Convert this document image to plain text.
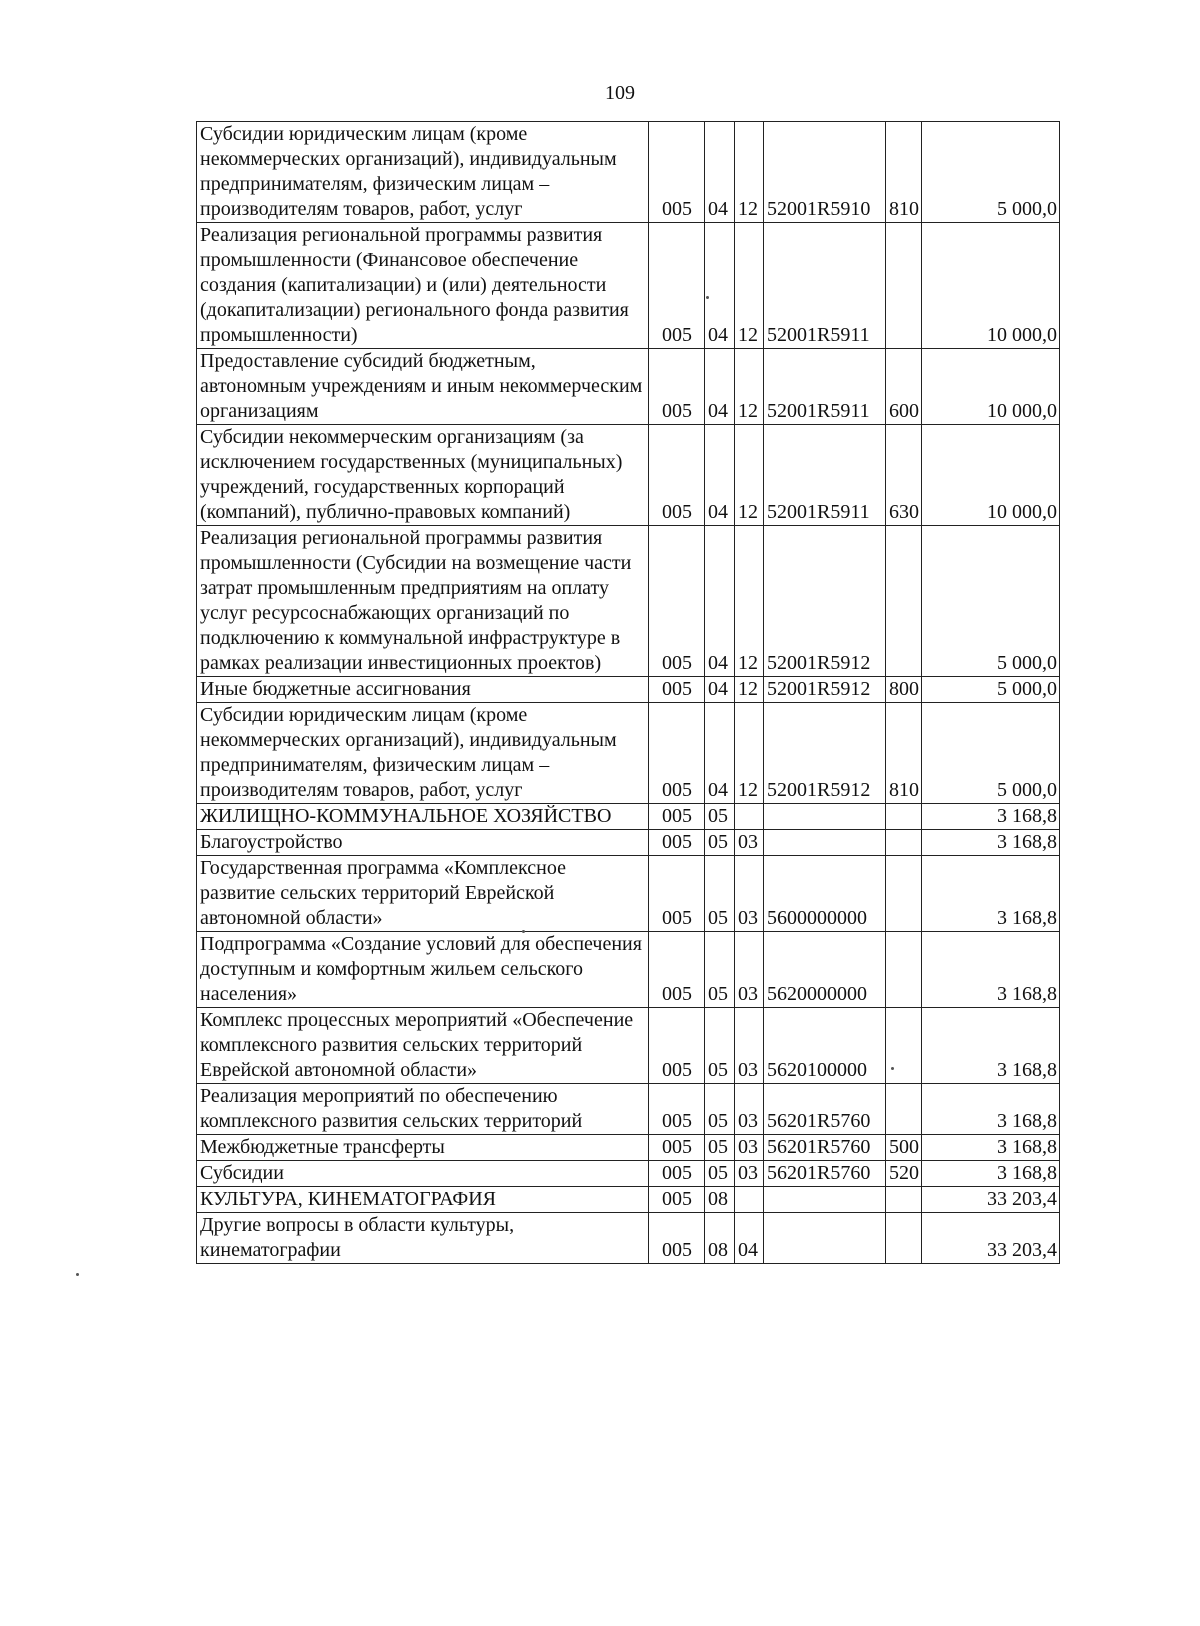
109
Субсидии юридическим лицам (кроме некоммерческих организаций), индивидуальным предпринимателям, физическим лицам – производителям товаров, работ, услуг	005	04	12	52001R5910	810	5 000,0
Реализация региональной программы развития промышленности (Финансовое обеспечение создания (капитализации) и (или) деятельности (докапитализации) регионального фонда развития промышленности)	005	04	12	52001R5911		10 000,0
Предоставление субсидий бюджетным, автономным учреждениям и иным некоммерческим организациям	005	04	12	52001R5911	600	10 000,0
Субсидии некоммерческим организациям (за исключением государственных (муниципальных) учреждений, государственных корпораций (компаний), публично-правовых компаний)	005	04	12	52001R5911	630	10 000,0
Реализация региональной программы развития промышленности (Субсидии на возмещение части затрат промышленным предприятиям на оплату услуг ресурсоснабжающих организаций по подключению к коммунальной инфраструктуре в рамках реализации инвестиционных проектов)	005	04	12	52001R5912		5 000,0
Иные бюджетные ассигнования	005	04	12	52001R5912	800	5 000,0
Субсидии юридическим лицам (кроме некоммерческих организаций), индивидуальным предпринимателям, физическим лицам – производителям товаров, работ, услуг	005	04	12	52001R5912	810	5 000,0
ЖИЛИЩНО-КОММУНАЛЬНОЕ ХОЗЯЙСТВО	005	05				3 168,8
Благоустройство	005	05	03			3 168,8
Государственная программа «Комплексное развитие сельских территорий Еврейской автономной области»	005	05	03	5600000000		3 168,8
Подпрограмма «Создание условий для обеспечения доступным и комфортным жильем сельского населения»	005	05	03	5620000000		3 168,8
Комплекс процессных мероприятий «Обеспечение комплексного развития сельских территорий Еврейской автономной области»	005	05	03	5620100000		3 168,8
Реализация мероприятий по обеспечению комплексного развития сельских территорий	005	05	03	56201R5760		3 168,8
Межбюджетные трансферты	005	05	03	56201R5760	500	3 168,8
Субсидии	005	05	03	56201R5760	520	3 168,8
КУЛЬТУРА, КИНЕМАТОГРАФИЯ	005	08				33 203,4
Другие вопросы в области культуры, кинематографии	005	08	04			33 203,4
